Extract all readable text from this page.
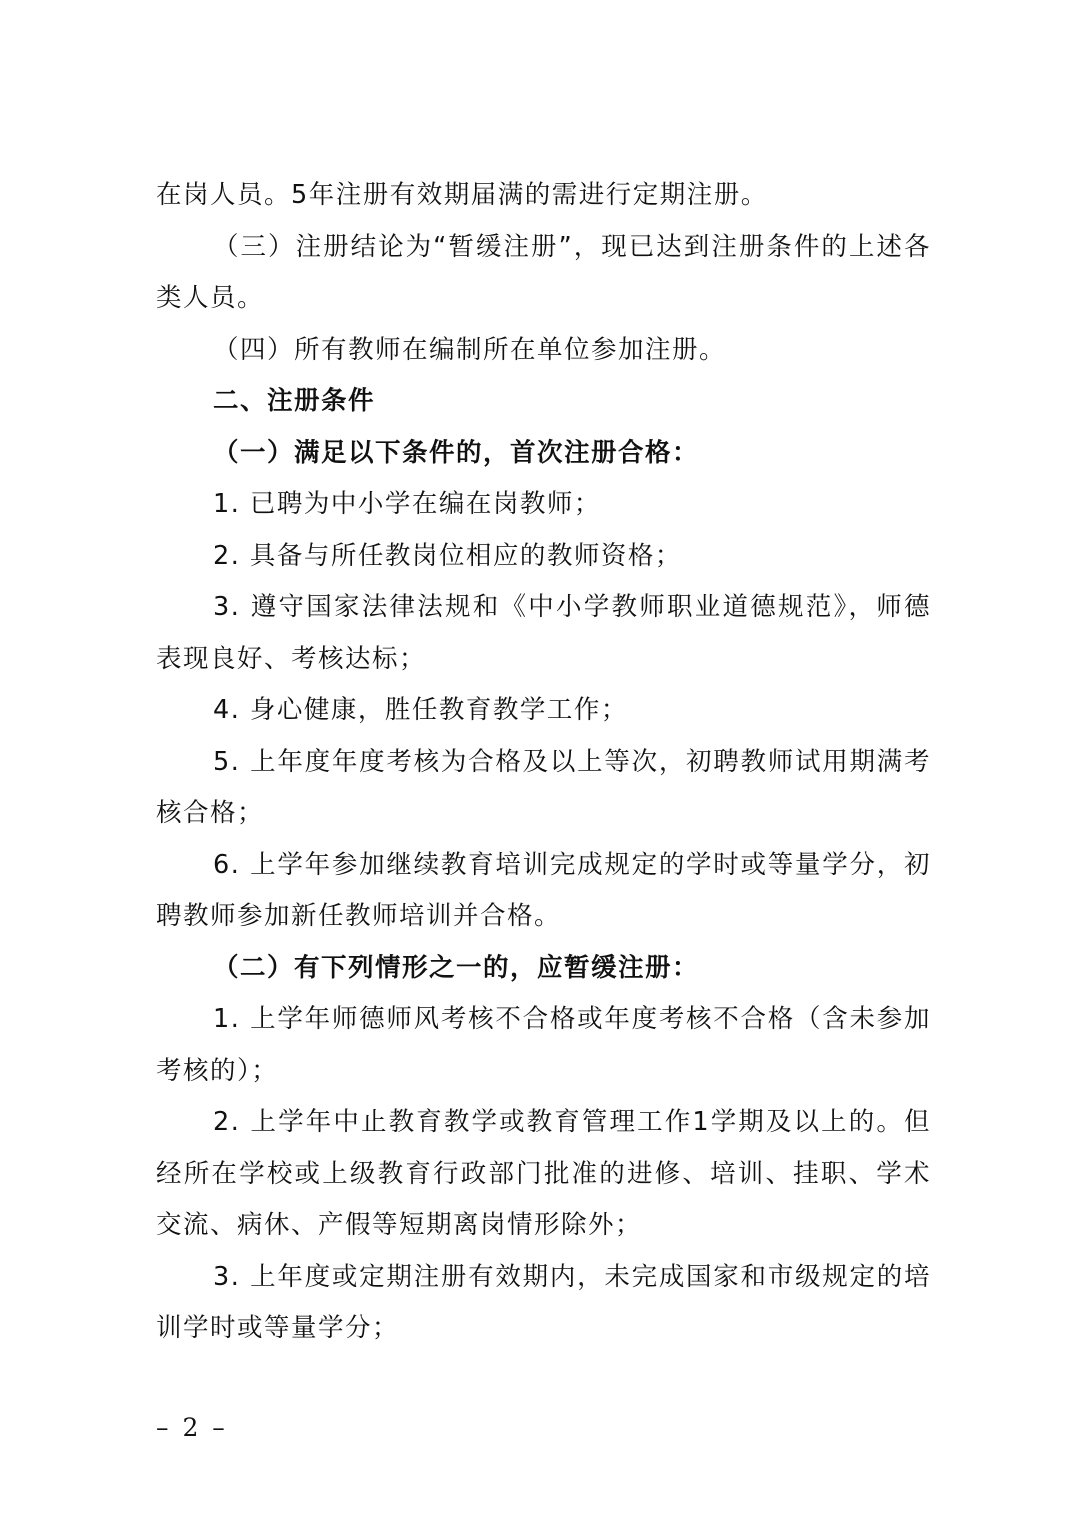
在岗人员。5年注册有效期届满的需进行定期注册。

（三）注册结论为“暂缓注册”，现已达到注册条件的上述各类人员。

（四）所有教师在编制所在单位参加注册。

二、注册条件

（一）满足以下条件的，首次注册合格：

1. 已聘为中小学在编在岗教师；

2. 具备与所任教岗位相应的教师资格；

3. 遵守国家法律法规和《中小学教师职业道德规范》，师德表现良好、考核达标；

4. 身心健康，胜任教育教学工作；

5. 上年度年度考核为合格及以上等次，初聘教师试用期满考核合格；

6. 上学年参加继续教育培训完成规定的学时或等量学分，初聘教师参加新任教师培训并合格。

（二）有下列情形之一的，应暂缓注册：

1. 上学年师德师风考核不合格或年度考核不合格（含未参加考核的）；

2. 上学年中止教育教学或教育管理工作1学期及以上的。但经所在学校或上级教育行政部门批准的进修、培训、挂职、学术交流、病休、产假等短期离岗情形除外；

3. 上年度或定期注册有效期内，未完成国家和市级规定的培训学时或等量学分；

– 2 –
